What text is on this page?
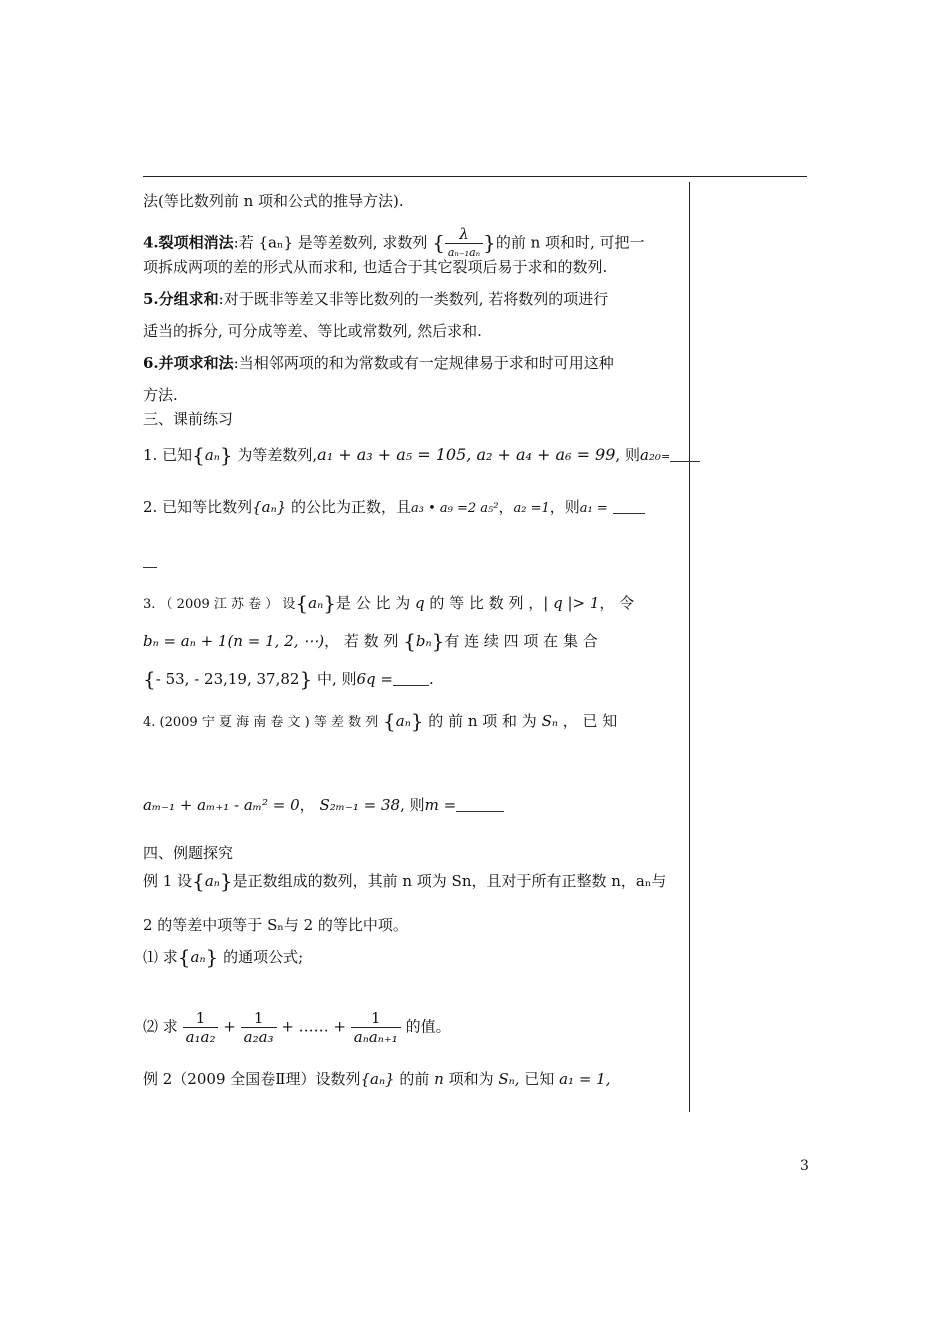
法(等比数列前 n 项和公式的推导方法).
4.裂项相消法:若 {aₙ} 是等差数列, 求数列 { $\frac{\lambda}{\text{aₙ₋₁aₙ}}$ }的前 n 项和时, 可把一
项拆成两项的差的形式从而求和, 也适合于其它裂项后易于求和的数列.
5.分组求和:对于既非等差又非等比数列的一类数列, 若将数列的项进行
适当的拆分, 可分成等差、等比或常数列, 然后求和.
6.并项求和法:当相邻两项的和为常数或有一定规律易于求和时可用这种
方法.
三、课前练习
1. 已知{aₙ} 为等差数列,a₁ + a₃ + a₅ = 105, a₂ + a₄ + a₆ = 99, 则a₂₀=
2. 已知等比数列{aₙ} 的公比为正数，且a₃ • a₉ =2 a₅²，a₂ =1，则a₁ =
3. （ 2009 江 苏 卷 ） 设{aₙ}是 公 比 为 q 的 等 比 数 列 ，| q |> 1， 令
bₙ = aₙ + 1(n = 1, 2, ⋯)， 若 数 列 {bₙ}有 连 续 四 项 在 集 合
{- 53, - 23,19, 37,82} 中, 则6q = .
4. (2009 宁 夏 海 南 卷 文 ) 等 差 数 列 {aₙ} 的 前 n 项 和 为 Sₙ ， 已 知
aₘ₋₁ + aₘ₊₁ - aₘ² = 0， S₂ₘ₋₁ = 38, 则m =
四、例题探究
例 1 设{aₙ}是正数组成的数列，其前 n 项为 Sn，且对于所有正整数 n，aₙ与
2 的等差中项等于 Sₙ与 2 的等比中项。
⑴ 求{aₙ} 的通项公式;
⑵ 求 $\frac{1}{\text{a₁a₂}} + \frac{1}{\text{a₂a₃}}$ + …… + $\frac{1}{\text{aₙaₙ₊₁}}$ 的值。
例 2（2009 全国卷Ⅱ理）设数列{aₙ} 的前 n 项和为 Sₙ, 已知 a₁ = 1,
3
